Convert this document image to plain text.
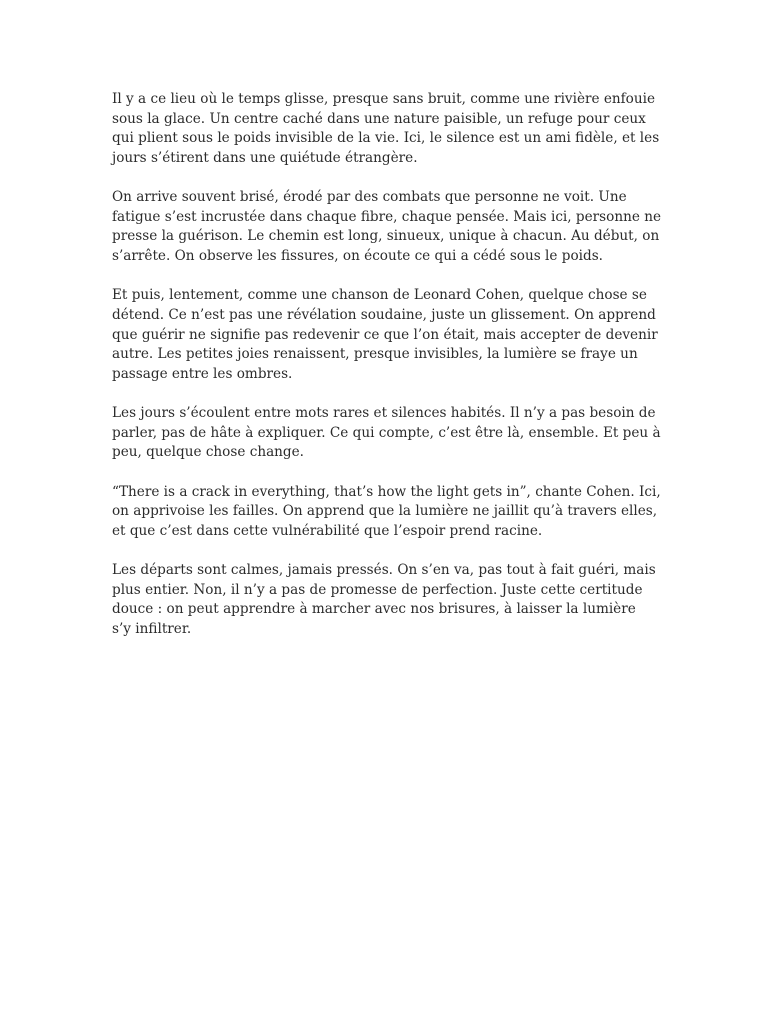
Il y a ce lieu où le temps glisse, presque sans bruit, comme une rivière enfouie
sous la glace. Un centre caché dans une nature paisible, un refuge pour ceux
qui plient sous le poids invisible de la vie. Ici, le silence est un ami fidèle, et les
jours s’étirent dans une quiétude étrangère.

On arrive souvent brisé, érodé par des combats que personne ne voit. Une
fatigue s’est incrustée dans chaque fibre, chaque pensée. Mais ici, personne ne
presse la guérison. Le chemin est long, sinueux, unique à chacun. Au début, on
s’arrête. On observe les fissures, on écoute ce qui a cédé sous le poids.

Et puis, lentement, comme une chanson de Leonard Cohen, quelque chose se
détend. Ce n’est pas une révélation soudaine, juste un glissement. On apprend
que guérir ne signifie pas redevenir ce que l’on était, mais accepter de devenir
autre. Les petites joies renaissent, presque invisibles, la lumière se fraye un
passage entre les ombres.

Les jours s’écoulent entre mots rares et silences habités. Il n’y a pas besoin de
parler, pas de hâte à expliquer. Ce qui compte, c’est être là, ensemble. Et peu à
peu, quelque chose change.

“There is a crack in everything, that’s how the light gets in”, chante Cohen. Ici,
on apprivoise les failles. On apprend que la lumière ne jaillit qu’à travers elles,
et que c’est dans cette vulnérabilité que l’espoir prend racine.

Les départs sont calmes, jamais pressés. On s’en va, pas tout à fait guéri, mais
plus entier. Non, il n’y a pas de promesse de perfection. Juste cette certitude
douce : on peut apprendre à marcher avec nos brisures, à laisser la lumière
s’y infiltrer.
